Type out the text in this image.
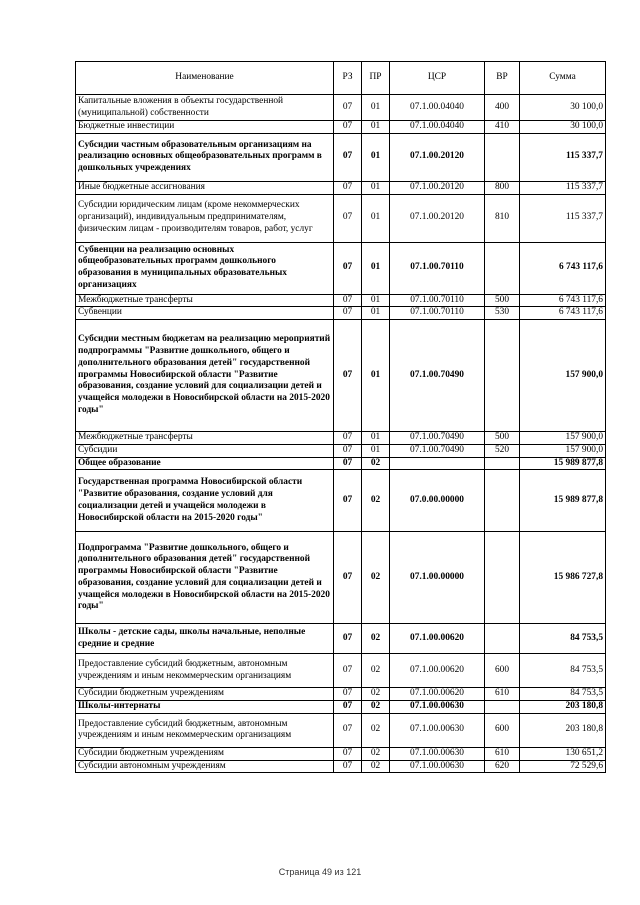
Наименование	РЗ	ПР	ЦСР	ВР	Сумма
Капитальные вложения в объекты государственной (муниципальной) собственности	07	01	07.1.00.04040	400	30 100,0
Бюджетные инвестиции	07	01	07.1.00.04040	410	30 100,0
Субсидии частным образовательным организациям на реализацию основных общеобразовательных программ в дошкольных учреждениях	07	01	07.1.00.20120		115 337,7
Иные бюджетные ассигнования	07	01	07.1.00.20120	800	115 337,7
Субсидии юридическим лицам (кроме некоммерческих организаций), индивидуальным предпринимателям, физическим лицам - производителям товаров, работ, услуг	07	01	07.1.00.20120	810	115 337,7
Субвенции на реализацию основных общеобразовательных программ дошкольного образования в муниципальных образовательных организациях	07	01	07.1.00.70110		6 743 117,6
Межбюджетные трансферты	07	01	07.1.00.70110	500	6 743 117,6
Субвенции	07	01	07.1.00.70110	530	6 743 117,6
Субсидии местным бюджетам на реализацию мероприятий подпрограммы "Развитие дошкольного, общего и дополнительного образования детей" государственной программы Новосибирской области "Развитие образования, создание условий для социализации детей и учащейся молодежи в Новосибирской области на 2015-2020 годы"	07	01	07.1.00.70490		157 900,0
Межбюджетные трансферты	07	01	07.1.00.70490	500	157 900,0
Субсидии	07	01	07.1.00.70490	520	157 900,0
Общее образование	07	02			15 989 877,8
Государственная программа Новосибирской области "Развитие образования, создание условий для социализации детей и учащейся молодежи в Новосибирской области на 2015-2020 годы"	07	02	07.0.00.00000		15 989 877,8
Подпрограмма "Развитие дошкольного, общего и дополнительного образования детей" государственной программы Новосибирской области "Развитие образования, создание условий для социализации детей и учащейся молодежи в Новосибирской области на 2015-2020 годы"	07	02	07.1.00.00000		15 986 727,8
Школы - детские сады, школы начальные, неполные средние и средние	07	02	07.1.00.00620		84 753,5
Предоставление субсидий бюджетным, автономным учреждениям и иным некоммерческим организациям	07	02	07.1.00.00620	600	84 753,5
Субсидии бюджетным учреждениям	07	02	07.1.00.00620	610	84 753,5
Школы-интернаты	07	02	07.1.00.00630		203 180,8
Предоставление субсидий бюджетным, автономным учреждениям и иным некоммерческим организациям	07	02	07.1.00.00630	600	203 180,8
Субсидии бюджетным учреждениям	07	02	07.1.00.00630	610	130 651,2
Субсидии автономным учреждениям	07	02	07.1.00.00630	620	72 529,6
Страница 49 из 121
